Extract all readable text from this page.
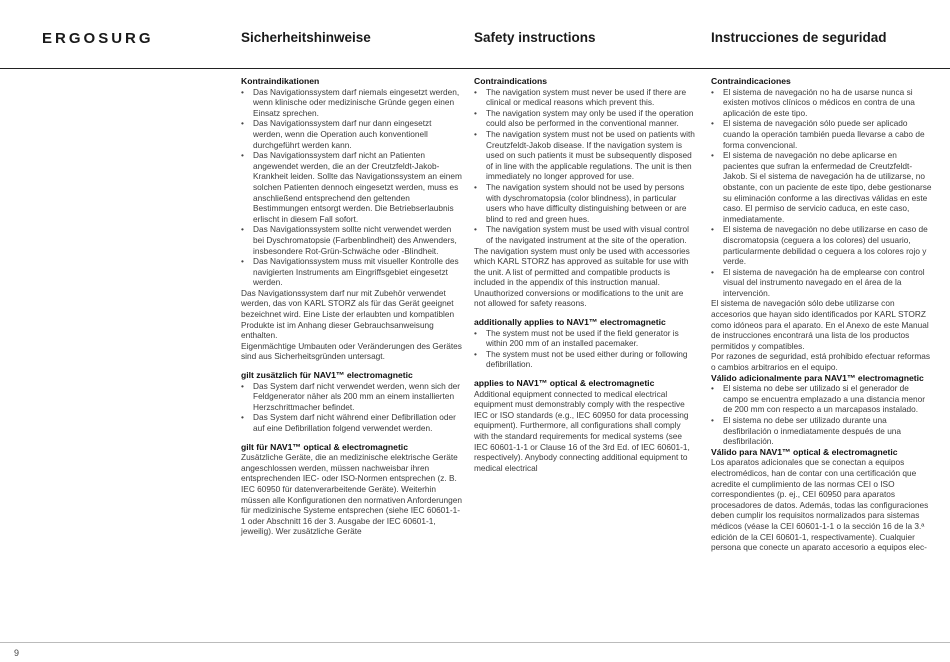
ERGOSURG	Sicherheitshinweise	Safety instructions	Instrucciones de seguridad
Kontraindikationen
• Das Navigationssystem darf niemals eingesetzt werden, wenn klinische oder medizinische Gründe gegen einen Einsatz sprechen.
• Das Navigationssystem darf nur dann eingesetzt werden, wenn die Operation auch konventionell durchgeführt werden kann.
• Das Navigationssystem darf nicht an Patienten angewendet werden, die an der Creutzfeldt-Jakob-Krankheit leiden. Sollte das Navigationssystem an einem solchen Patienten dennoch eingesetzt werden, muss es anschließend entsprechend den geltenden Bestimmungen entsorgt werden. Die Betriebserlaubnis erlischt in diesem Fall sofort.
• Das Navigationssystem sollte nicht verwendet werden bei Dyschromatopsie (Farbenblindheit) des Anwenders, insbesondere Rot-Grün-Schwäche oder -Blindheit.
• Das Navigationssystem muss mit visueller Kontrolle des navigierten Instruments am Eingriffsgebiet eingesetzt werden.

Das Navigationssystem darf nur mit Zubehör verwendet werden, das von KARL STORZ als für das Gerät geeignet bezeichnet wird. Eine Liste der erlaubten und kompatiblen Produkte ist im Anhang dieser Gebrauchsanweisung enthalten.

Eigenmächtige Umbauten oder Veränderungen des Gerätes sind aus Sicherheitsgründen untersagt.

gilt zusätzlich für NAV1™ electromagnetic
• Das System darf nicht verwendet werden, wenn sich der Feldgenerator näher als 200 mm an einem installierten Herzschrittmacher befindet.
• Das System darf nicht während einer Defibrillation oder auf eine Defibrillation folgend verwendet werden.
gilt für NAV1™ optical & electromagnetic

Zusätzliche Geräte, die an medizinische elektrische Geräte angeschlossen werden, müssen nachweisbar ihren entsprechenden IEC- oder ISO-Normen entsprechen (z. B. IEC 60950 für datenverarbeitende Geräte). Weiterhin müssen alle Konfigurationen den normativen Anforderungen für medizinische Systeme entsprechen (siehe IEC 60601-1-1 oder Abschnitt 16 der 3. Ausgabe der IEC 60601-1, jeweilig). Wer zusätzliche Geräte

Contraindications
• The navigation system must never be used if there are clinical or medical reasons which prevent this.
• The navigation system may only be used if the operation could also be performed in the conventional manner.
• The navigation system must not be used on patients with Creutzfeldt-Jakob disease. If the navigation system is used on such patients it must be subsequently disposed of in line with the applicable regulations. The unit is then immediately no longer approved for use.
• The navigation system should not be used by persons with dyschromatopsia (color blindness), in particular users who have difficulty distinguishing between or are blind to red and green hues.
• The navigation system must be used with visual control of the navigated instrument at the site of the operation.

The navigation system must only be used with accessories which KARL STORZ has approved as suitable for use with the unit. A list of permitted and compatible products is included in the appendix of this instruction manual.

Unauthorized conversions or modifications to the unit are not allowed for safety reasons.

additionally applies to NAV1™ electromagnetic
• The system must not be used if the field generator is within 200 mm of an installed pacemaker.
• The system must not be used either during or following defibrillation.
applies to NAV1™ optical & electromagnetic

Additional equipment connected to medical electrical equipment must demonstrably comply with the respective IEC or ISO standards (e.g., IEC 60950 for data processing equipment). Furthermore, all configurations shall comply with the standard requirements for medical systems (see IEC 60601-1-1 or Clause 16 of the 3rd Ed. of IEC 60601-1, respectively). Anybody connecting additional equipment to medical electrical

Contraindicaciones
• El sistema de navegación no ha de usarse nunca si existen motivos clínicos o médicos en contra de una aplicación de este tipo.
• El sistema de navegación sólo puede ser aplicado cuando la operación también pueda llevarse a cabo de forma convencional.
• El sistema de navegación no debe aplicarse en pacientes que sufran la enfermedad de Creutzfeldt-Jakob. Si el sistema de navegación ha de utilizarse, no obstante, con un paciente de este tipo, debe gestionarse su eliminación conforme a las directivas válidas en este caso. El permiso de servicio caduca, en este caso, inmediatamente.
• El sistema de navegación no debe utilizarse en caso de discromatopsia (ceguera a los colores) del usuario, particularmente debilidad o ceguera a los colores rojo y verde.
• El sistema de navegación ha de emplearse con control visual del instrumento navegado en el área de la intervención.

El sistema de navegación sólo debe utilizarse con accesorios que hayan sido identificados por KARL STORZ como idóneos para el aparato. En el Anexo de este Manual de instrucciones encontrará una lista de los productos permitidos y compatibles.

Por razones de seguridad, está prohibido efectuar reformas o cambios arbitrarios en el equipo.

Válido adicionalmente para NAV1™ electromagnetic
• El sistema no debe ser utilizado si el generador de campo se encuentra emplazado a una distancia menor de 200 mm con respecto a un marcapasos instalado.
• El sistema no debe ser utilizado durante una desfibrilación o inmediatamente después de una desfibrilación.
Válido para NAV1™ optical & electromagnetic

Los aparatos adicionales que se conectan a equipos electromédicos, han de contar con una certificación que acredite el cumplimiento de las normas CEI o ISO correspondientes (p. ej., CEI 60950 para aparatos procesadores de datos. Además, todas las configuraciones deben cumplir los requisitos normalizados para sistemas médicos (véase la CEI 60601-1-1 o la sección 16 de la 3.ª edición de la CEI 60601-1, respectivamente). Cualquier persona que conecte un aparato accesorio a equipos elec-

9
